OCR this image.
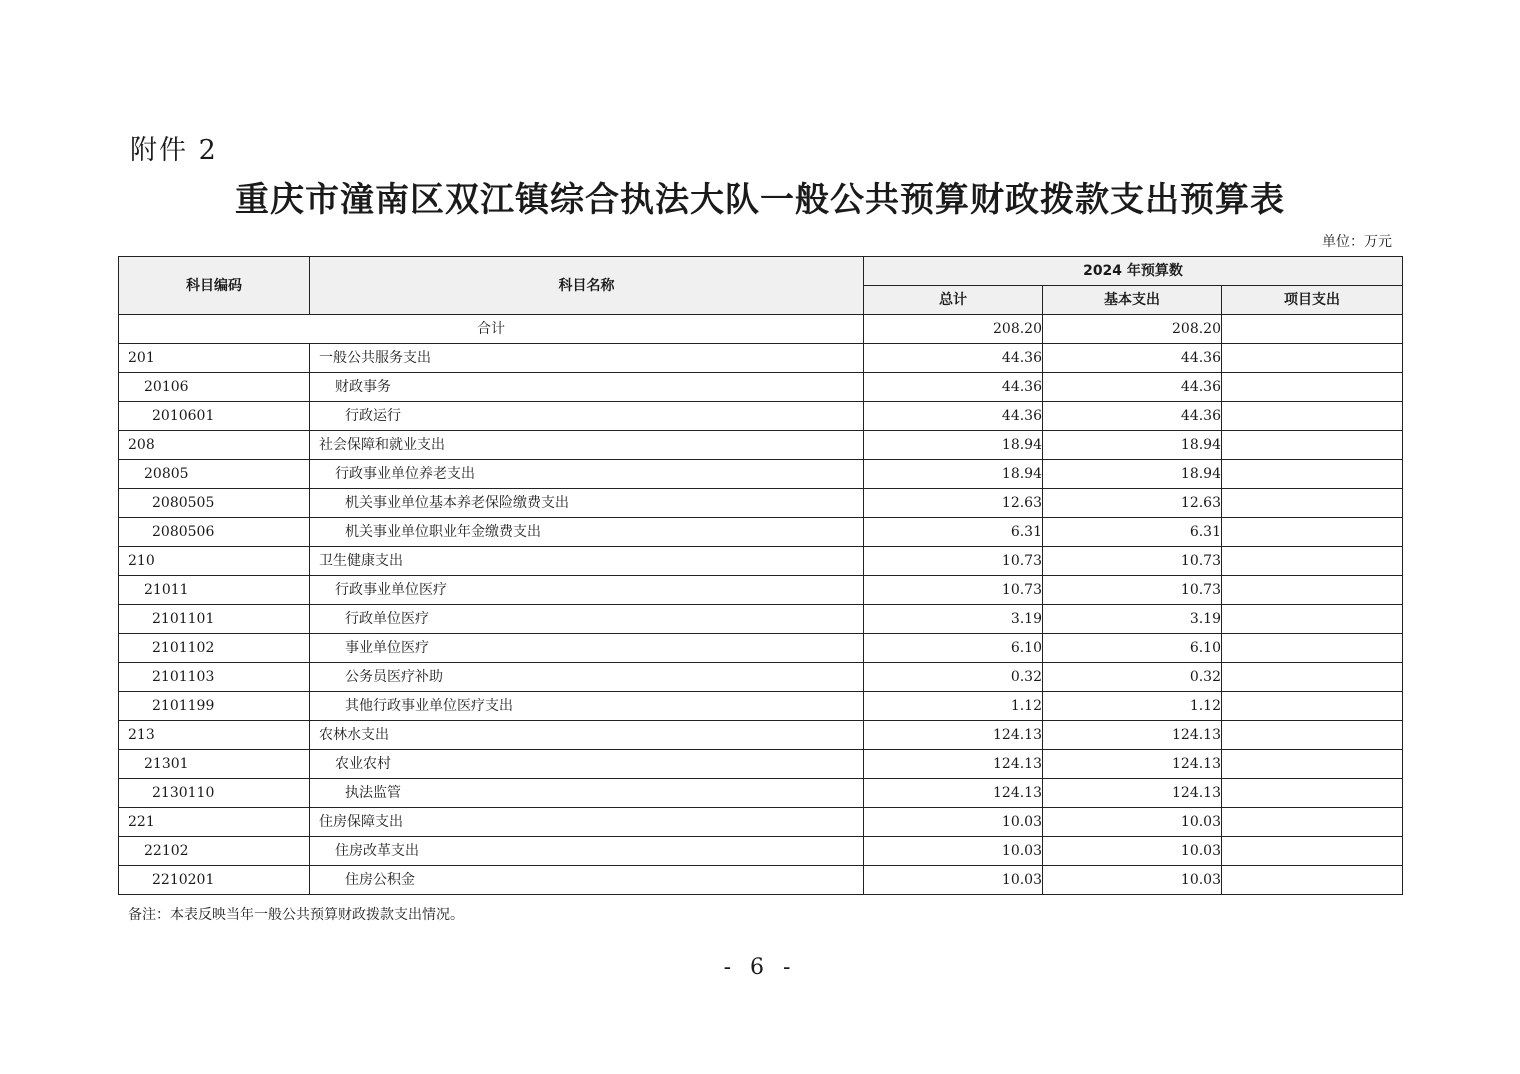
附件 2
重庆市潼南区双江镇综合执法大队一般公共预算财政拨款支出预算表
单位：万元
科目编码	科目名称	2024 年预算数		
		总计	基本支出	项目支出
合计		208.20	208.20	
201	一般公共服务支出	44.36	44.36	
20106	财政事务	44.36	44.36	
2010601	行政运行	44.36	44.36	
208	社会保障和就业支出	18.94	18.94	
20805	行政事业单位养老支出	18.94	18.94	
2080505	机关事业单位基本养老保险缴费支出	12.63	12.63	
2080506	机关事业单位职业年金缴费支出	6.31	6.31	
210	卫生健康支出	10.73	10.73	
21011	行政事业单位医疗	10.73	10.73	
2101101	行政单位医疗	3.19	3.19	
2101102	事业单位医疗	6.10	6.10	
2101103	公务员医疗补助	0.32	0.32	
2101199	其他行政事业单位医疗支出	1.12	1.12	
213	农林水支出	124.13	124.13	
21301	农业农村	124.13	124.13	
2130110	执法监管	124.13	124.13	
221	住房保障支出	10.03	10.03	
22102	住房改革支出	10.03	10.03	
2210201	住房公积金	10.03	10.03	
备注：本表反映当年一般公共预算财政拨款支出情况。
- 6 -
